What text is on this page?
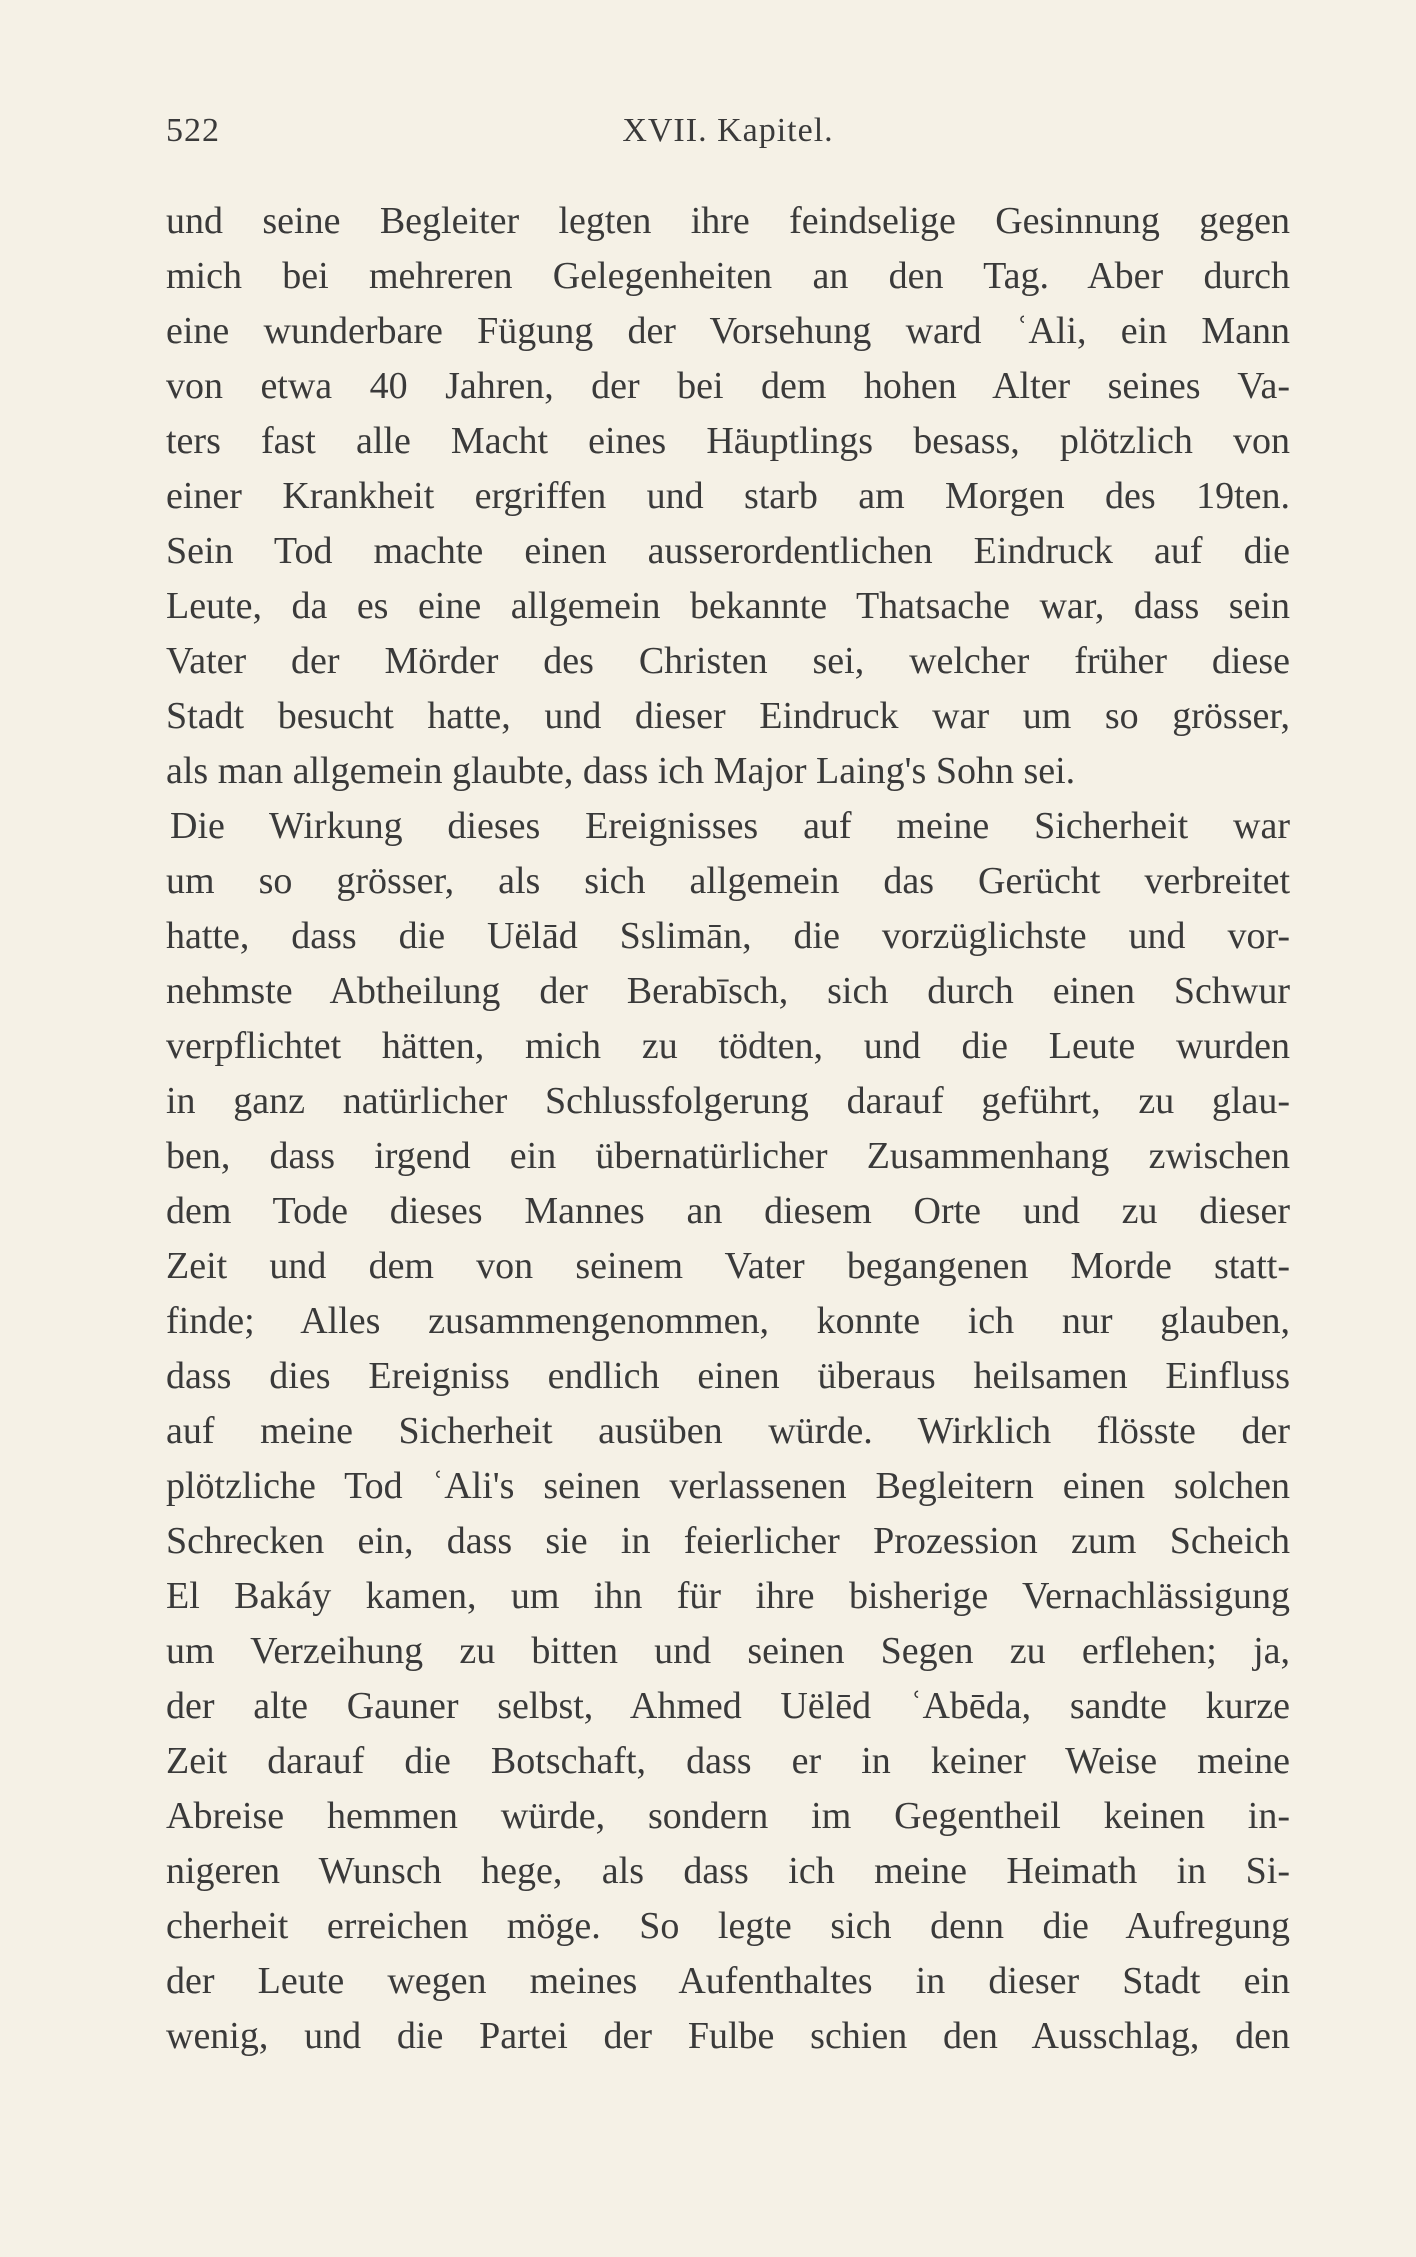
522	XVII. Kapitel.
und seine Begleiter legten ihre feindselige Gesinnung gegen
mich bei mehreren Gelegenheiten an den Tag. Aber durch
eine wunderbare Fügung der Vorsehung ward ʿAli, ein Mann
von etwa 40 Jahren, der bei dem hohen Alter seines Va-
ters fast alle Macht eines Häuptlings besass, plötzlich von
einer Krankheit ergriffen und starb am Morgen des 19ten.
Sein Tod machte einen ausserordentlichen Eindruck auf die
Leute, da es eine allgemein bekannte Thatsache war, dass sein
Vater der Mörder des Christen sei, welcher früher diese
Stadt besucht hatte, und dieser Eindruck war um so grösser,
als man allgemein glaubte, dass ich Major Laing's Sohn sei.
Die Wirkung dieses Ereignisses auf meine Sicherheit war
um so grösser, als sich allgemein das Gerücht verbreitet
hatte, dass die Uëlād Sslimān, die vorzüglichste und vor-
nehmste Abtheilung der Berabīsch, sich durch einen Schwur
verpflichtet hätten, mich zu tödten, und die Leute wurden
in ganz natürlicher Schlussfolgerung darauf geführt, zu glau-
ben, dass irgend ein übernatürlicher Zusammenhang zwischen
dem Tode dieses Mannes an diesem Orte und zu dieser
Zeit und dem von seinem Vater begangenen Morde statt-
finde; Alles zusammengenommen, konnte ich nur glauben,
dass dies Ereigniss endlich einen überaus heilsamen Einfluss
auf meine Sicherheit ausüben würde. Wirklich flösste der
plötzliche Tod ʿAli's seinen verlassenen Begleitern einen solchen
Schrecken ein, dass sie in feierlicher Prozession zum Scheich
El Bakáy kamen, um ihn für ihre bisherige Vernachlässigung
um Verzeihung zu bitten und seinen Segen zu erflehen; ja,
der alte Gauner selbst, Ahmed Uëlēd ʿAbēda, sandte kurze
Zeit darauf die Botschaft, dass er in keiner Weise meine
Abreise hemmen würde, sondern im Gegentheil keinen in-
nigeren Wunsch hege, als dass ich meine Heimath in Si-
cherheit erreichen möge. So legte sich denn die Aufregung
der Leute wegen meines Aufenthaltes in dieser Stadt ein
wenig, und die Partei der Fulbe schien den Ausschlag, den
